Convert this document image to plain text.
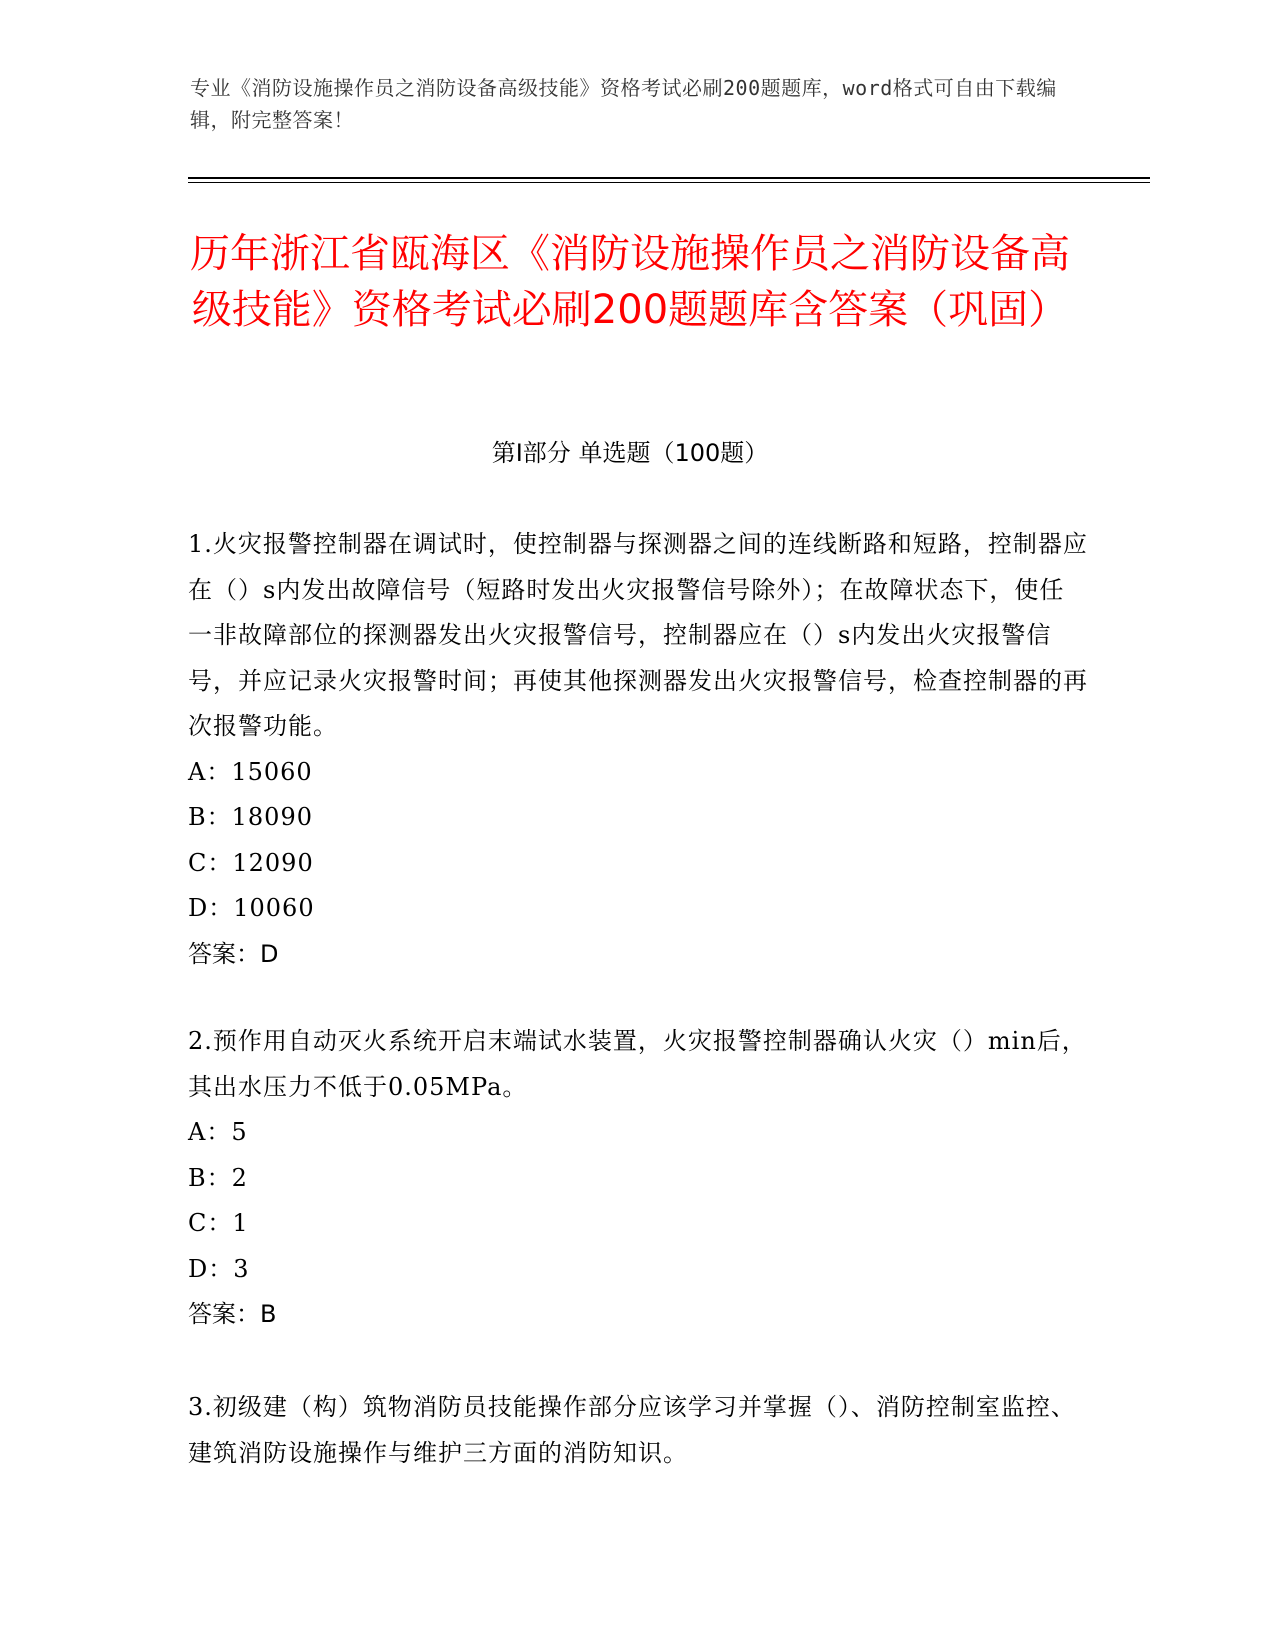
专业《消防设施操作员之消防设备高级技能》资格考试必刷200题题库，word格式可自由下载编辑，附完整答案！
历年浙江省瓯海区《消防设施操作员之消防设备高级技能》资格考试必刷200题题库含答案（巩固）
第I部分 单选题（100题）

1.火灾报警控制器在调试时，使控制器与探测器之间的连线断路和短路，控制器应在（）s内发出故障信号（短路时发出火灾报警信号除外）；在故障状态下，使任一非故障部位的探测器发出火灾报警信号，控制器应在（）s内发出火灾报警信号，并应记录火灾报警时间；再使其他探测器发出火灾报警信号，检查控制器的再次报警功能。

A：15060

B：18090

C：12090

D：10060

答案：D

2.预作用自动灭火系统开启末端试水装置，火灾报警控制器确认火灾（）min后，其出水压力不低于0.05MPa。

A：5

B：2

C：1

D：3

答案：B

3.初级建（构）筑物消防员技能操作部分应该学习并掌握（）、消防控制室监控、建筑消防设施操作与维护三方面的消防知识。
